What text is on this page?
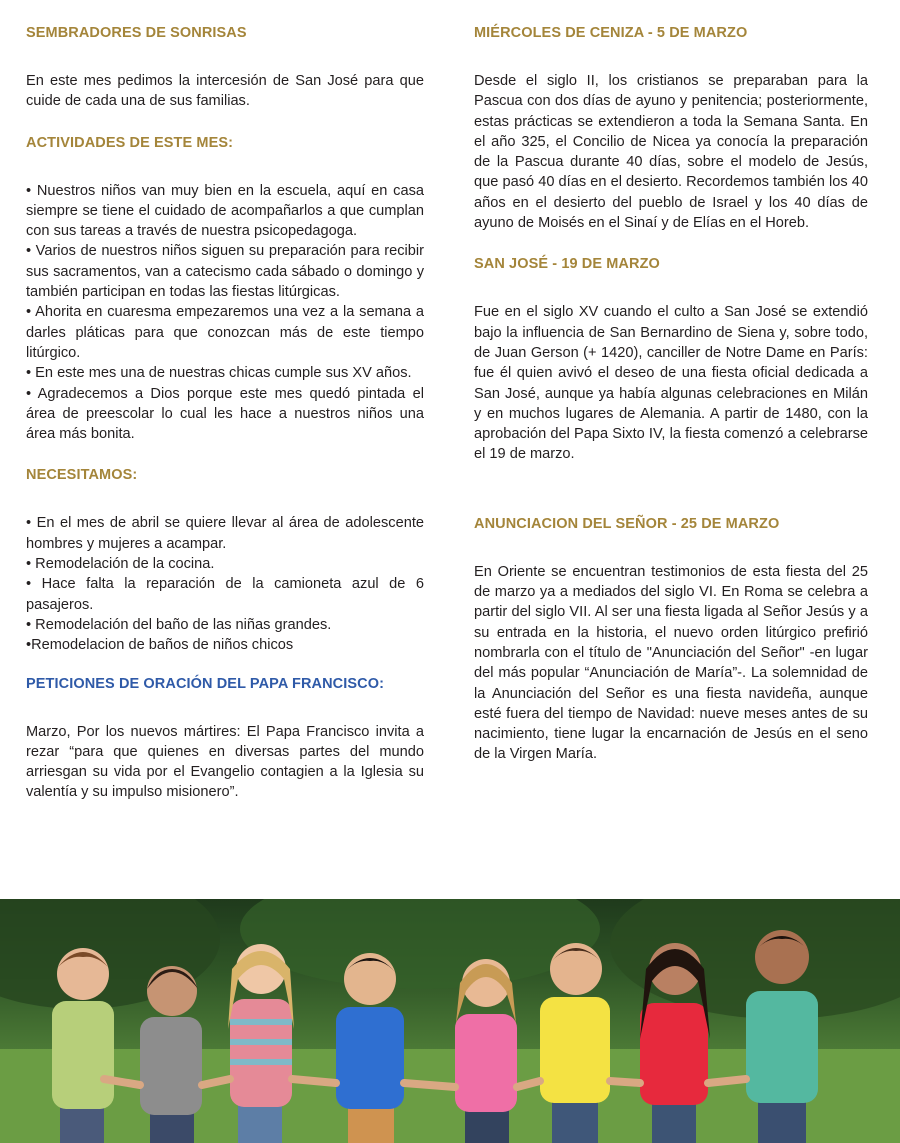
SEMBRADORES DE SONRISAS

En este mes pedimos la intercesión de San José para que cuide de cada una de sus familias.

ACTIVIDADES DE ESTE MES:
• Nuestros niños van muy bien en la escuela, aquí en casa siempre se tiene el cuidado de acompañarlos a que cumplan con sus tareas a través de nuestra psicopedagoga.
• Varios de nuestros niños siguen su preparación para recibir sus sacramentos, van a catecismo cada sábado o domingo y también participan en todas las fiestas litúrgicas.
• Ahorita en cuaresma empezaremos una vez a la semana a darles pláticas para que conozcan más de este tiempo litúrgico.
• En este mes una de nuestras chicas cumple sus XV años.
• Agradecemos a Dios porque este mes quedó pintada el área de preescolar lo cual les hace a nuestros niños una área más bonita.
NECESITAMOS:
• En el mes de abril se quiere llevar al área de adolescente hombres y mujeres a acampar.
• Remodelación de la cocina.
• Hace falta la reparación de la camioneta azul de 6 pasajeros.
• Remodelación del baño de las niñas grandes.
•Remodelacion de baños de niños chicos
PETICIONES DE ORACIÓN DEL PAPA FRANCISCO:

Marzo, Por los nuevos mártires: El Papa Francisco invita a rezar “para que quienes en diversas partes del mundo arriesgan su vida por el Evangelio contagien a la Iglesia su valentía y su impulso misionero”.

MIÉRCOLES DE CENIZA - 5 DE MARZO

Desde el siglo II, los cristianos se preparaban para la Pascua con dos días de ayuno y penitencia; posteriormente, estas prácticas se extendieron a toda la Semana Santa. En el año 325, el Concilio de Nicea ya conocía la preparación de la Pascua durante 40 días, sobre el modelo de Jesús, que pasó 40 días en el desierto. Recordemos también los 40 años en el desierto del pueblo de Israel y los 40 días de ayuno de Moisés en el Sinaí y de Elías en el Horeb.

SAN JOSÉ - 19 DE MARZO

Fue en el siglo XV cuando el culto a San José se extendió bajo la influencia de San Bernardino de Siena y, sobre todo, de Juan Gerson (+ 1420), canciller de Notre Dame en París: fue él quien avivó el deseo de una fiesta oficial dedicada a San José, aunque ya había algunas celebraciones en Milán y en muchos lugares de Alemania. A partir de 1480, con la aprobación del Papa Sixto IV, la fiesta comenzó a celebrarse el 19 de marzo.

ANUNCIACION DEL SEÑOR - 25 DE MARZO

En Oriente se encuentran testimonios de esta fiesta del 25 de marzo ya a mediados del siglo VI. En Roma se celebra a partir del siglo VII. Al ser una fiesta ligada al Señor Jesús y a su entrada en la historia, el nuevo orden litúrgico prefirió nombrarla con el título de "Anunciación del Señor" -en lugar del más popular “Anunciación de María”-. La solemnidad de la Anunciación del Señor es una fiesta navideña, aunque esté fuera del tiempo de Navidad: nueve meses antes de su nacimiento, tiene lugar la encarnación de Jesús en el seno de la Virgen María.
